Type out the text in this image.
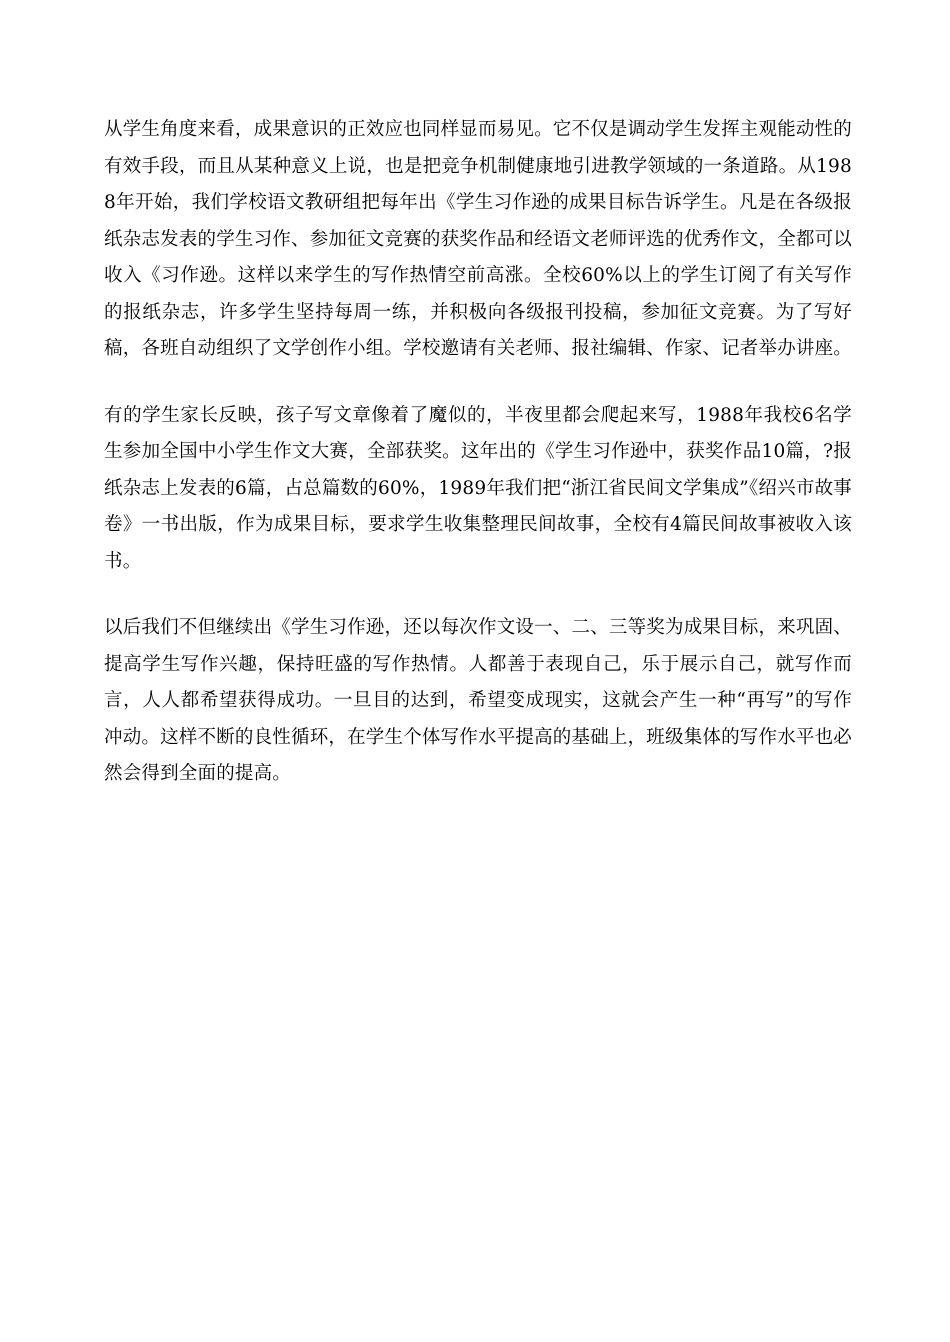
从学生角度来看，成果意识的正效应也同样显而易见。它不仅是调动学生发挥主观能动性的有效手段，而且从某种意义上说，也是把竞争机制健康地引进教学领域的一条道路。从1988年开始，我们学校语文教研组把每年出《学生习作逊的成果目标告诉学生。凡是在各级报纸杂志发表的学生习作、参加征文竞赛的获奖作品和经语文老师评选的优秀作文，全都可以收入《习作逊。这样以来学生的写作热情空前高涨。全校60%以上的学生订阅了有关写作的报纸杂志，许多学生坚持每周一练，并积极向各级报刊投稿，参加征文竞赛。为了写好稿，各班自动组织了文学创作小组。学校邀请有关老师、报社编辑、作家、记者举办讲座。

有的学生家长反映，孩子写文章像着了魔似的，半夜里都会爬起来写，1988年我校6名学生参加全国中小学生作文大赛，全部获奖。这年出的《学生习作逊中，获奖作品10篇，?报纸杂志上发表的6篇，占总篇数的60%，1989年我们把“浙江省民间文学集成”《绍兴市故事卷》一书出版，作为成果目标，要求学生收集整理民间故事，全校有4篇民间故事被收入该书。

以后我们不但继续出《学生习作逊，还以每次作文设一、二、三等奖为成果目标，来巩固、提高学生写作兴趣，保持旺盛的写作热情。人都善于表现自己，乐于展示自己，就写作而言，人人都希望获得成功。一旦目的达到，希望变成现实，这就会产生一种“再写”的写作冲动。这样不断的良性循环，在学生个体写作水平提高的基础上，班级集体的写作水平也必然会得到全面的提高。
